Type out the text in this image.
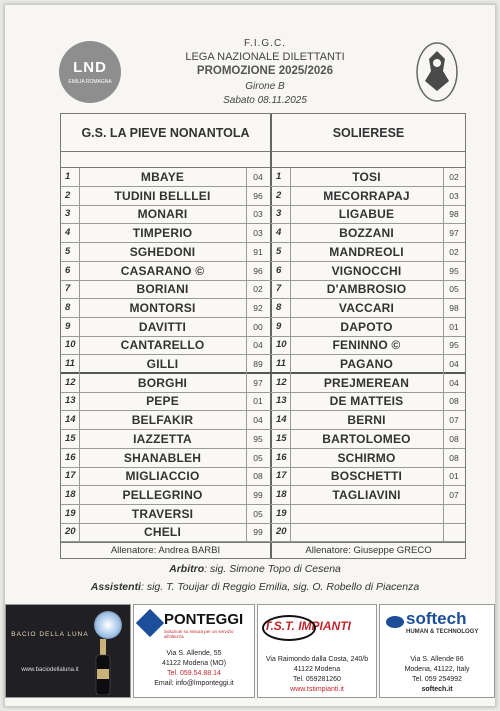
LND
EMILIA ROMAGNA
F.I.G.C.
LEGA NAZIONALE DILETTANTI
PROMOZIONE 2025/2026
Girone B
Sabato 08.11.2025
G.S. LA PIEVE NONANTOLA	SOLIERESE
1	MBAYE	04	1	TOSI	02
2	TUDINI BELLLEI	96	2	MECORRAPAJ	03
3	MONARI	03	3	LIGABUE	98
4	TIMPERIO	03	4	BOZZANI	97
5	SGHEDONI	91	5	MANDREOLI	02
6	CASARANO ©	96	6	VIGNOCCHI	95
7	BORIANI	02	7	D'AMBROSIO	05
8	MONTORSI	92	8	VACCARI	98
9	DAVITTI	00	9	DAPOTO	01
10	CANTARELLO	04	10	FENINNO ©	95
11	GILLI	89	11	PAGANO	04
12	BORGHI	97	12	PREJMEREAN	04
13	PEPE	01	13	DE MATTEIS	08
14	BELFAKIR	04	14	BERNI	07
15	IAZZETTA	95	15	BARTOLOMEO	08
16	SHANABLEH	05	16	SCHIRMO	08
17	MIGLIACCIO	08	17	BOSCHETTI	01
18	PELLEGRINO	99	18	TAGLIAVINI	07
19	TRAVERSI	05	19
20	CHELI	99	20
Allenatore: Andrea BARBI	Allenatore: Giuseppe GRECO
Arbitro: sig. Simone Topo di Cesena
Assistenti: sig. T. Touijar di Reggio Emilia, sig. O. Robello di Piacenza
BACIO DELLA LUNA
www.baciodellaluna.it
PONTEGGI
Soluzioni su misura per un servizio all'altezza
Via S. Allende, 55
41122 Modena (MO)
Tel. 059.54.88.14
Email: info@lmponteggi.it
T.S.T. IMPIANTI
Via Raimondo dalla Costa, 240/b
41122 Modena
Tel. 059281260
www.tstimpianti.it
softech
HUMAN & TECHNOLOGY
Via S. Allende 86
Modena, 41122, Italy
Tel. 059 254992
softech.it
